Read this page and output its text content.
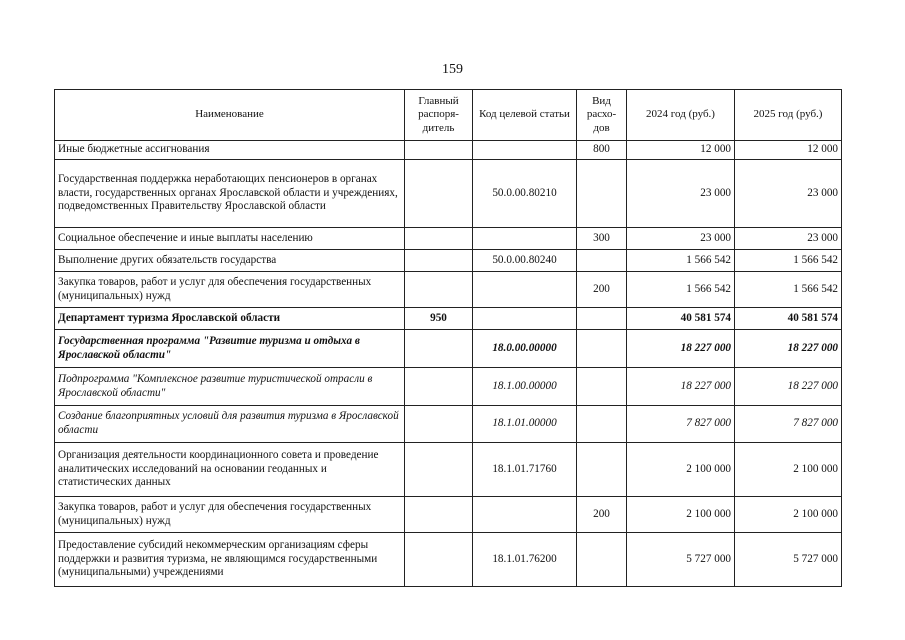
159
Наименование	Главный распоря-дитель	Код целевой статьи	Вид расхо-дов	2024 год (руб.)	2025 год (руб.)
Иные бюджетные ассигнования			800	12 000	12 000
Государственная поддержка неработающих пенсионеров в органах власти, государственных органах Ярославской области и учреждениях, подведомственных Правительству Ярославской области		50.0.00.80210		23 000	23 000
Социальное обеспечение и иные выплаты населению			300	23 000	23 000
Выполнение других обязательств государства		50.0.00.80240		1 566 542	1 566 542
Закупка товаров, работ и услуг для обеспечения государственных (муниципальных) нужд			200	1 566 542	1 566 542
Департамент туризма Ярославской области	950			40 581 574	40 581 574
Государственная программа "Развитие туризма и отдыха в Ярославской области"		18.0.00.00000		18 227 000	18 227 000
Подпрограмма "Комплексное развитие туристической отрасли в Ярославской области"		18.1.00.00000		18 227 000	18 227 000
Создание благоприятных условий для развития туризма в Ярославской области		18.1.01.00000		7 827 000	7 827 000
Организация деятельности координационного совета и проведение аналитических исследований на основании геоданных и статистических данных		18.1.01.71760		2 100 000	2 100 000
Закупка товаров, работ и услуг для обеспечения государственных (муниципальных) нужд			200	2 100 000	2 100 000
Предоставление субсидий некоммерческим организациям сферы поддержки и развития туризма, не являющимся государственными (муниципальными) учреждениями		18.1.01.76200		5 727 000	5 727 000
